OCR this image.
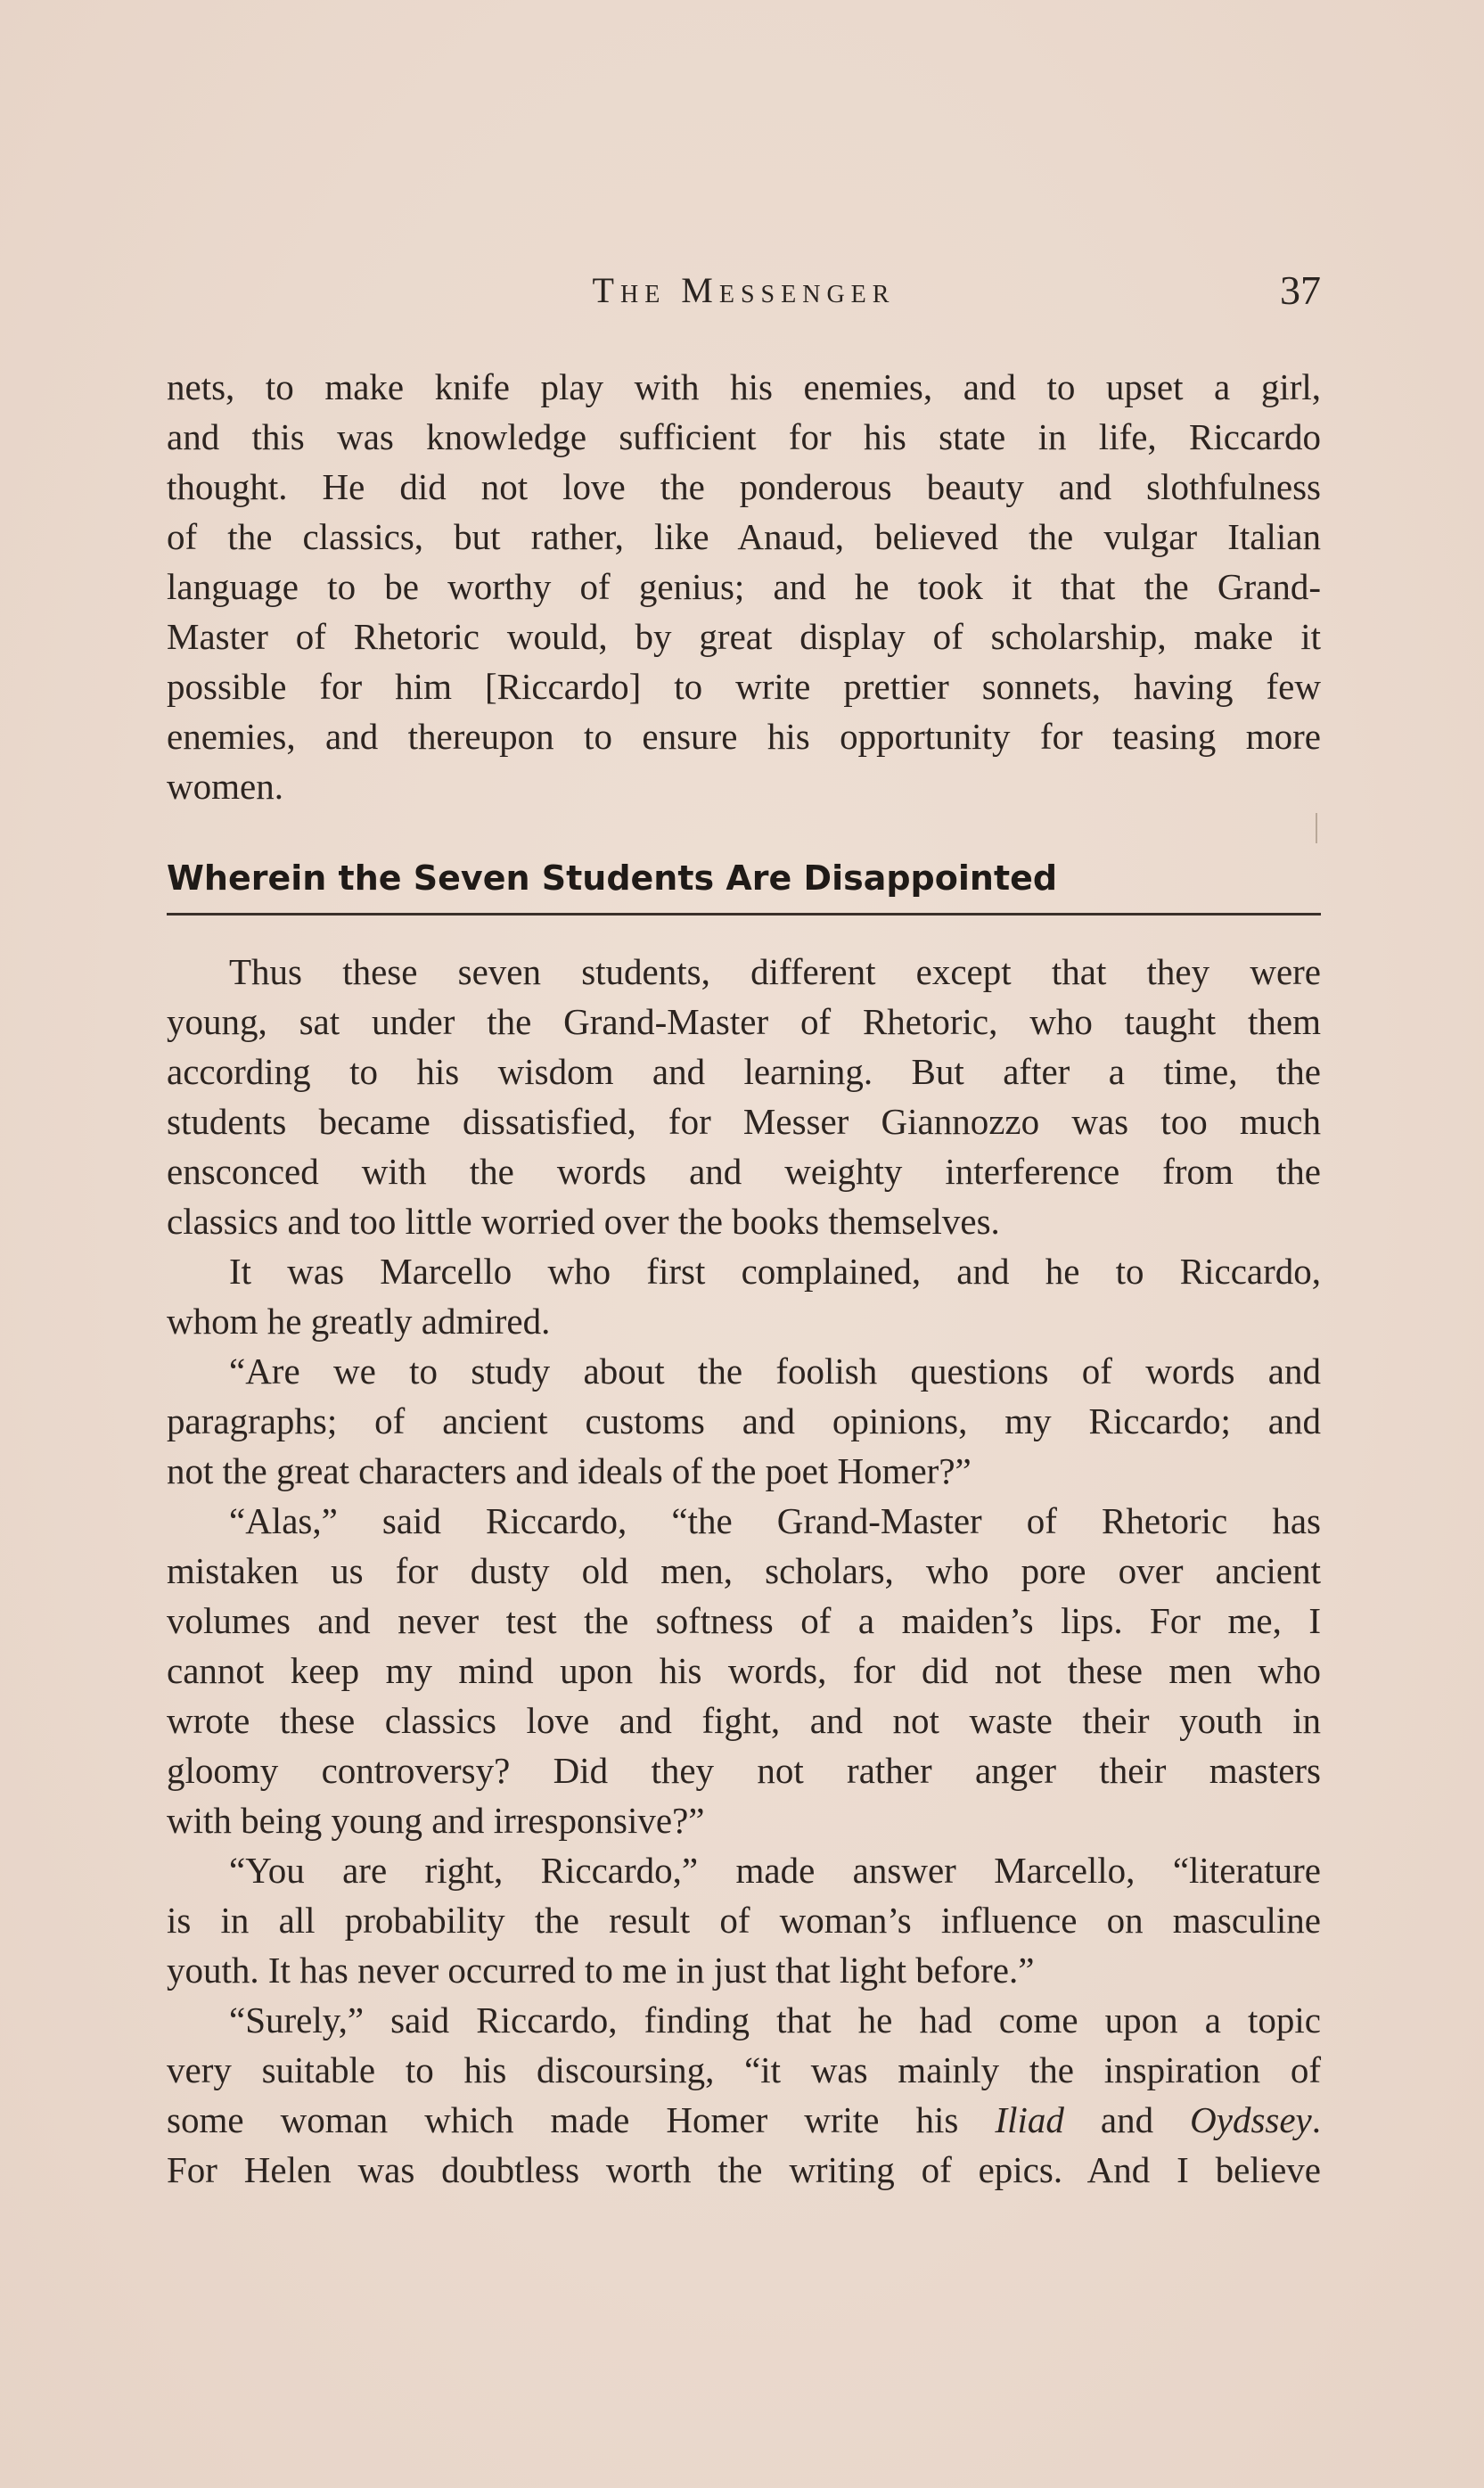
The Messenger	37
nets, to make knife play with his enemies, and to upset a girl,
and this was knowledge sufficient for his state in life, Riccardo
thought. He did not love the ponderous beauty and slothfulness
of the classics, but rather, like Anaud, believed the vulgar Italian
language to be worthy of genius; and he took it that the Grand-
Master of Rhetoric would, by great display of scholarship, make it
possible for him [Riccardo] to write prettier sonnets, having few
enemies, and thereupon to ensure his opportunity for teasing more
women.
Wherein the Seven Students Are Disappointed
Thus these seven students, different except that they were
young, sat under the Grand-Master of Rhetoric, who taught them
according to his wisdom and learning. But after a time, the
students became dissatisfied, for Messer Giannozzo was too much
ensconced with the words and weighty interference from the
classics and too little worried over the books themselves.
It was Marcello who first complained, and he to Riccardo,
whom he greatly admired.
“Are we to study about the foolish questions of words and
paragraphs; of ancient customs and opinions, my Riccardo; and
not the great characters and ideals of the poet Homer?”
“Alas,” said Riccardo, “the Grand-Master of Rhetoric has
mistaken us for dusty old men, scholars, who pore over ancient
volumes and never test the softness of a maiden’s lips. For me, I
cannot keep my mind upon his words, for did not these men who
wrote these classics love and fight, and not waste their youth in
gloomy controversy? Did they not rather anger their masters
with being young and irresponsive?”
“You are right, Riccardo,” made answer Marcello, “literature
is in all probability the result of woman’s influence on masculine
youth. It has never occurred to me in just that light before.”
“Surely,” said Riccardo, finding that he had come upon a topic
very suitable to his discoursing, “it was mainly the inspiration of
some woman which made Homer write his Iliad and Oydssey.
For Helen was doubtless worth the writing of epics. And I believe
